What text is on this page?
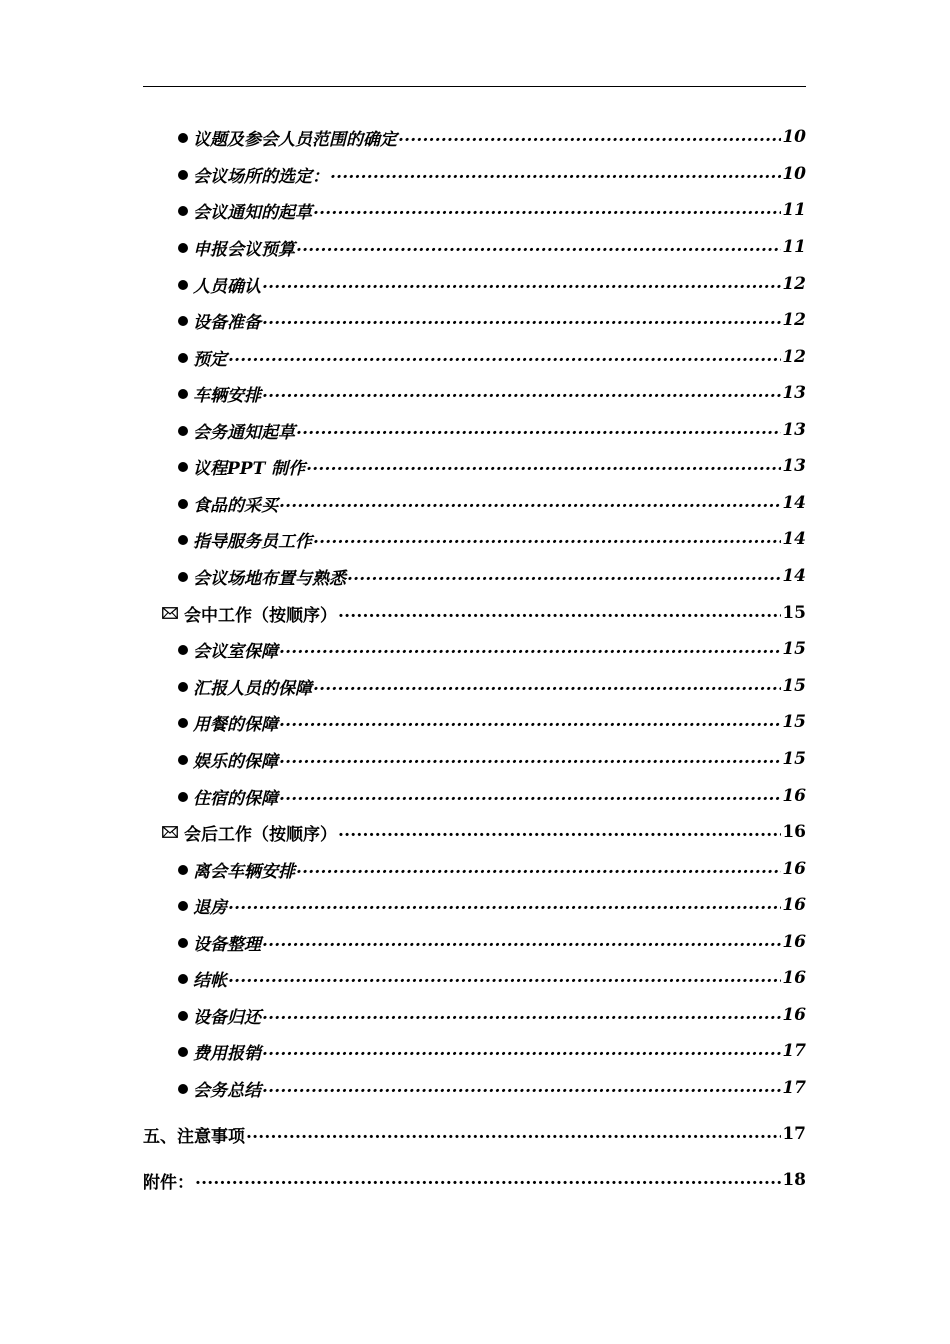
议题及参会人员范围的确定 .....	10
会议场所的选定： .....	10
会议通知的起草 .....	11
申报会议预算 .....	11
人员确认 .....	12
设备准备 .....	12
预定 .....	12
车辆安排 .....	13
会务通知起草 .....	13
议程PPT 制作 .....	13
食品的采买 .....	14
指导服务员工作 .....	14
会议场地布置与熟悉 .....	14
会中工作（按顺序） .....	15
会议室保障 .....	15
汇报人员的保障 .....	15
用餐的保障 .....	15
娱乐的保障 .....	15
住宿的保障 .....	16
会后工作（按顺序） .....	16
离会车辆安排 .....	16
退房 .....	16
设备整理 .....	16
结帐 .....	16
设备归还 .....	16
费用报销 .....	17
会务总结 .....	17
五、注意事项 .....	17
附件： .....	18
